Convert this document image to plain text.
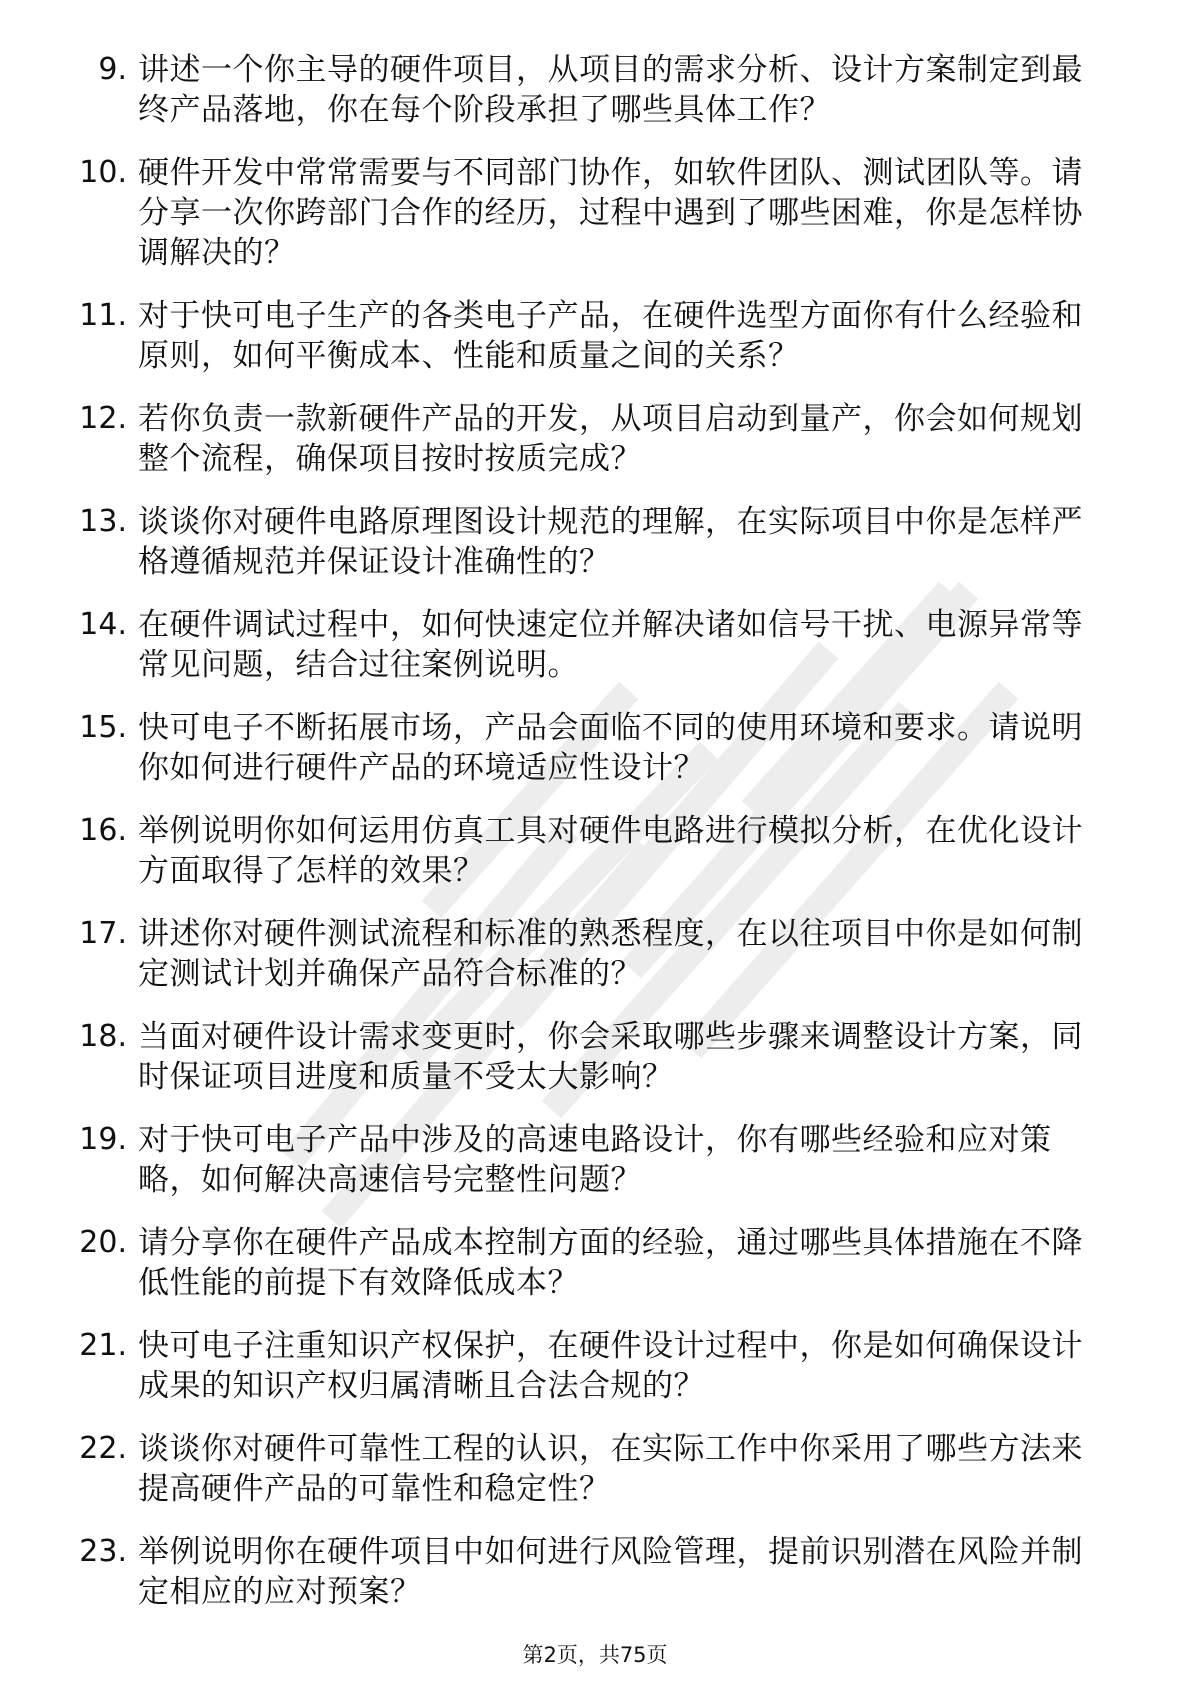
9. 讲述一个你主导的硬件项目，从项目的需求分析、设计方案制定到最终产品落地，你在每个阶段承担了哪些具体工作？
10. 硬件开发中常常需要与不同部门协作，如软件团队、测试团队等。请分享一次你跨部门合作的经历，过程中遇到了哪些困难，你是怎样协调解决的？
11. 对于快可电子生产的各类电子产品，在硬件选型方面你有什么经验和原则，如何平衡成本、性能和质量之间的关系？
12. 若你负责一款新硬件产品的开发，从项目启动到量产，你会如何规划整个流程，确保项目按时按质完成？
13. 谈谈你对硬件电路原理图设计规范的理解，在实际项目中你是怎样严格遵循规范并保证设计准确性的？
14. 在硬件调试过程中，如何快速定位并解决诸如信号干扰、电源异常等常见问题，结合过往案例说明。
15. 快可电子不断拓展市场，产品会面临不同的使用环境和要求。请说明你如何进行硬件产品的环境适应性设计？
16. 举例说明你如何运用仿真工具对硬件电路进行模拟分析，在优化设计方面取得了怎样的效果？
17. 讲述你对硬件测试流程和标准的熟悉程度，在以往项目中你是如何制定测试计划并确保产品符合标准的？
18. 当面对硬件设计需求变更时，你会采取哪些步骤来调整设计方案，同时保证项目进度和质量不受太大影响？
19. 对于快可电子产品中涉及的高速电路设计，你有哪些经验和应对策略，如何解决高速信号完整性问题？
20. 请分享你在硬件产品成本控制方面的经验，通过哪些具体措施在不降低性能的前提下有效降低成本？
21. 快可电子注重知识产权保护，在硬件设计过程中，你是如何确保设计成果的知识产权归属清晰且合法合规的？
22. 谈谈你对硬件可靠性工程的认识，在实际工作中你采用了哪些方法来提高硬件产品的可靠性和稳定性？
23. 举例说明你在硬件项目中如何进行风险管理，提前识别潜在风险并制定相应的应对预案？
第2页，共75页
